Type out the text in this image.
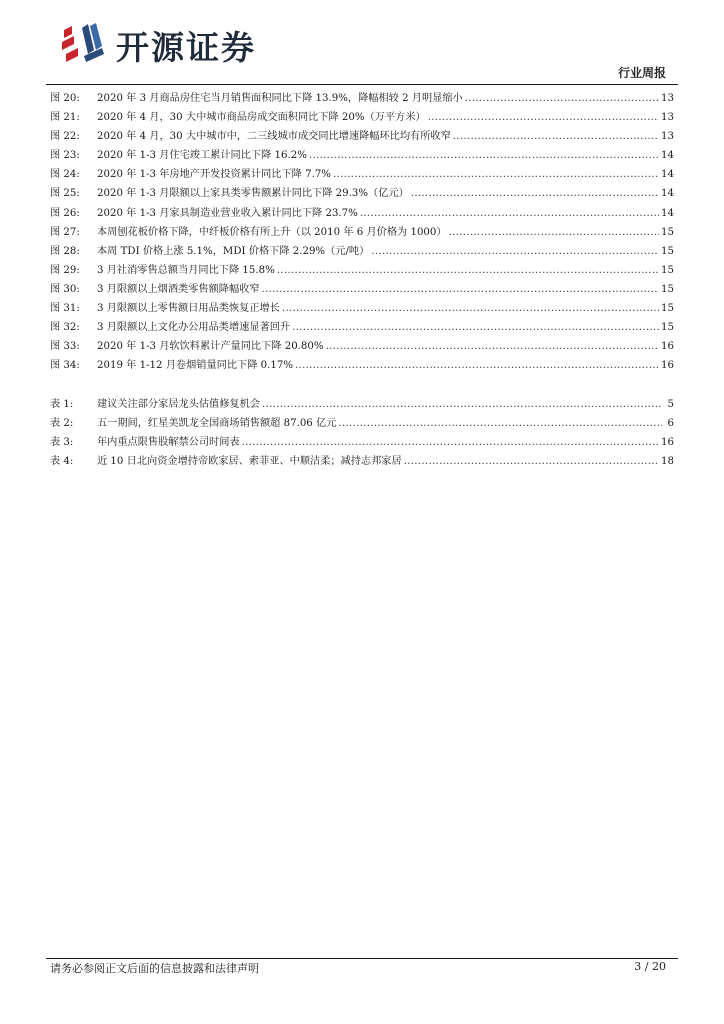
开源证券
行业周报
图 20:	2020 年 3 月商品房住宅当月销售面积同比下降 13.9%，降幅相较 2 月明显缩小 .....	13
图 21:	2020 年 4 月，30 大中城市商品房成交面积同比下降 20%（万平方米） .....	13
图 22:	2020 年 4 月，30 大中城市中，二三线城市成交同比增速降幅环比均有所收窄 .....	13
图 23:	2020 年 1-3 月住宅竣工累计同比下降 16.2% .....	14
图 24:	2020 年 1-3 年房地产开发投资累计同比下降 7.7% .....	14
图 25:	2020 年 1-3 月限额以上家具类零售额累计同比下降 29.3%（亿元） .....	14
图 26:	2020 年 1-3 月家具制造业营业收入累计同比下降 23.7% .....	14
图 27:	本周刨花板价格下降，中纤板价格有所上升（以 2010 年 6 月价格为 1000） .....	15
图 28:	本周 TDI 价格上涨 5.1%，MDI 价格下降 2.29%（元/吨） .....	15
图 29:	3 月社消零售总额当月同比下降 15.8% .....	15
图 30:	3 月限额以上烟酒类零售额降幅收窄 .....	15
图 31:	3 月限额以上零售额日用品类恢复正增长 .....	15
图 32:	3 月限额以上文化办公用品类增速显著回升 .....	15
图 33:	2020 年 1-3 月软饮料累计产量同比下降 20.80% .....	16
图 34:	2019 年 1-12 月卷烟销量同比下降 0.17% .....	16
表 1:	建议关注部分家居龙头估值修复机会 .....	5
表 2:	五一期间，红星美凯龙全国商场销售额超 87.06 亿元 .....	6
表 3:	年内重点限售股解禁公司时间表 .....	16
表 4:	近 10 日北向资金增持帝欧家居、索菲亚、中顺洁柔；减持志邦家居 .....	18
请务必参阅正文后面的信息披露和法律声明	3 / 20
